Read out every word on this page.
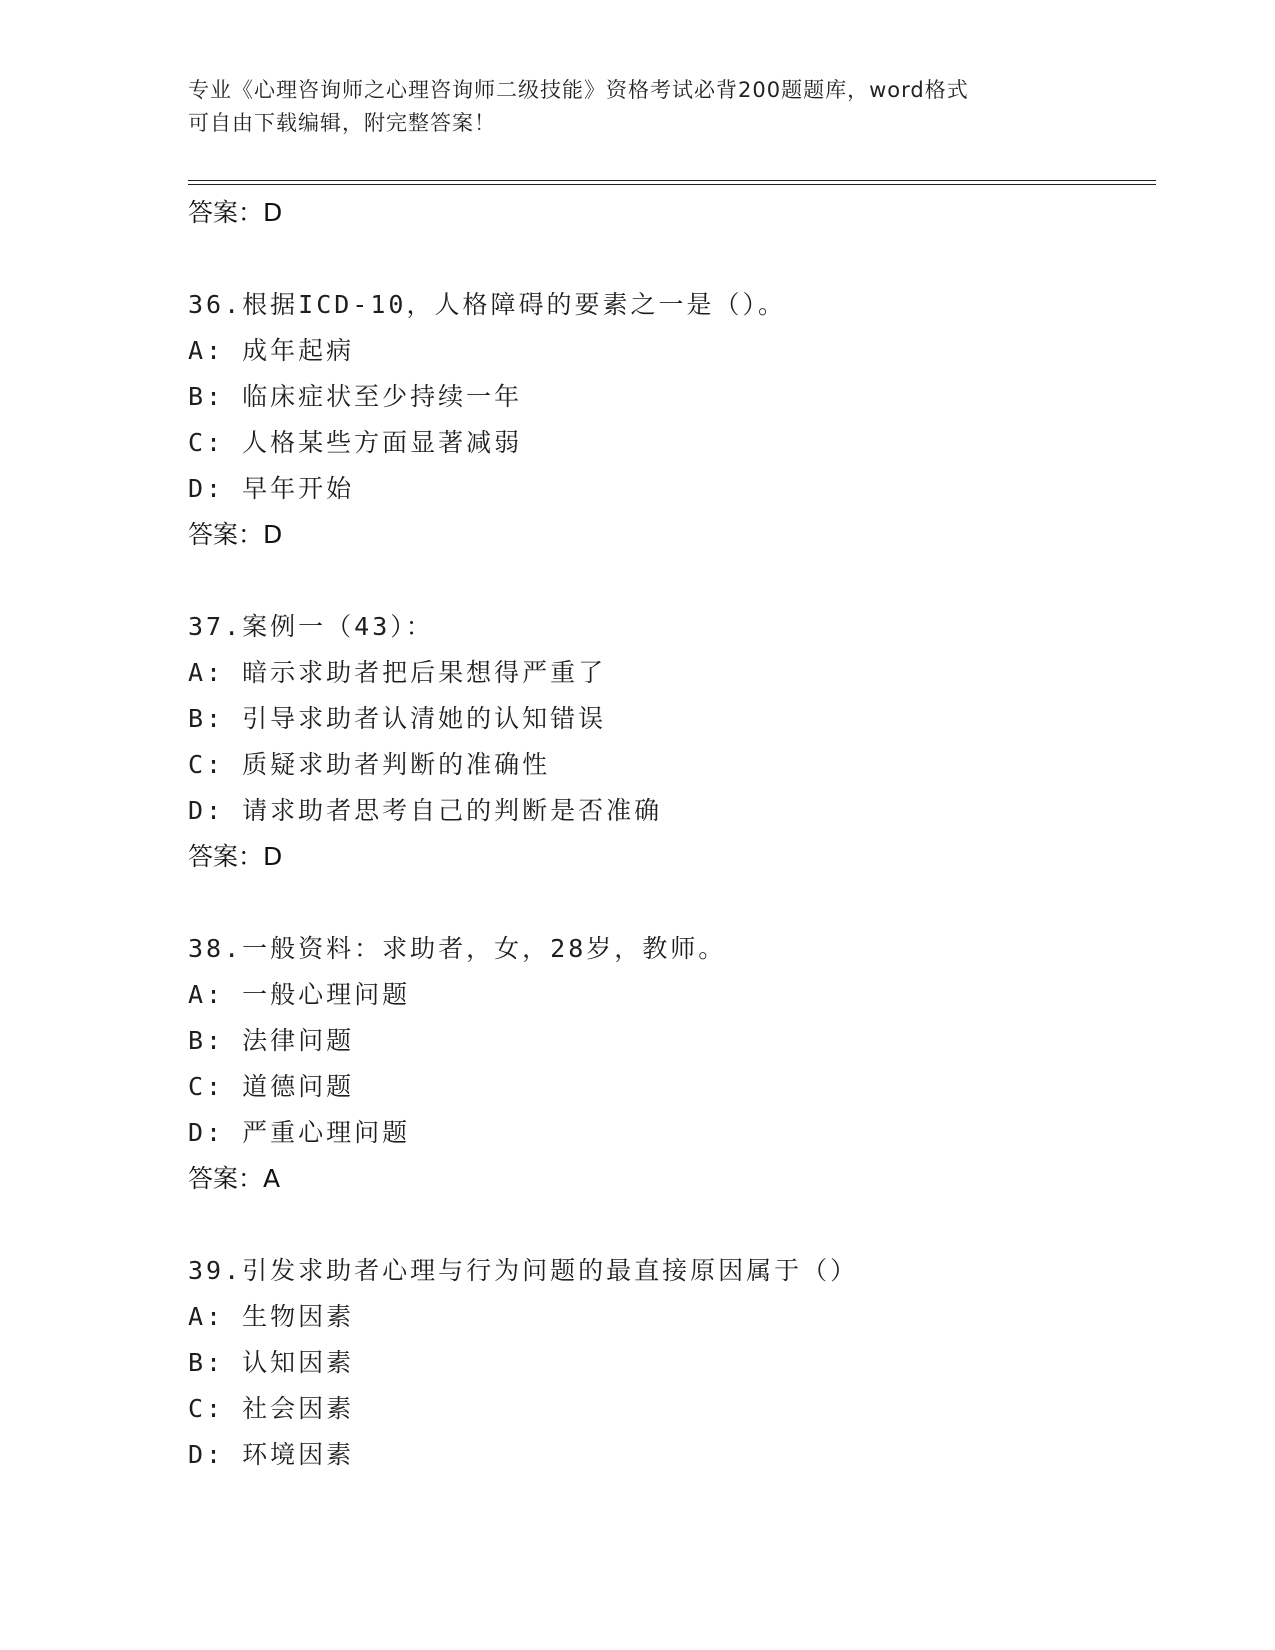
专业《心理咨询师之心理咨询师二级技能》资格考试必背200题题库，word格式
可自由下载编辑，附完整答案！
答案：D
36.根据ICD-10，人格障碍的要素之一是（）。
A: 成年起病
B: 临床症状至少持续一年
C: 人格某些方面显著减弱
D: 早年开始
答案：D
37.案例一（43）：
A: 暗示求助者把后果想得严重了
B: 引导求助者认清她的认知错误
C: 质疑求助者判断的准确性
D: 请求助者思考自己的判断是否准确
答案：D
38.一般资料：求助者，女，28岁，教师。
A: 一般心理问题
B: 法律问题
C: 道德问题
D: 严重心理问题
答案：A
39.引发求助者心理与行为问题的最直接原因属于（）
A: 生物因素
B: 认知因素
C: 社会因素
D: 环境因素
